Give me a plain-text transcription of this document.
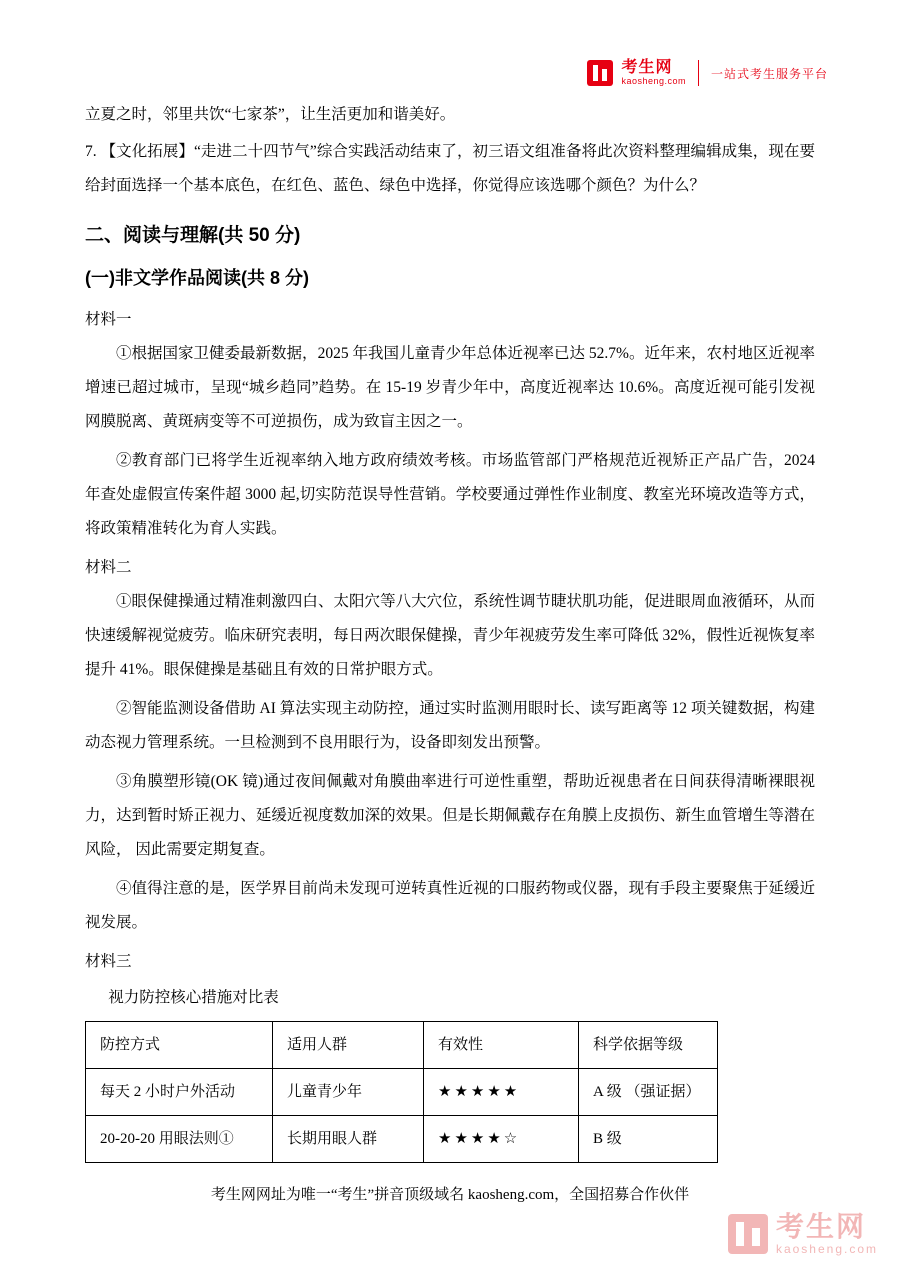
考生网
kaosheng.com
一站式考生服务平台

立夏之时，邻里共饮“七家茶”，让生活更加和谐美好。

7. 【文化拓展】“走进二十四节气”综合实践活动结束了，初三语文组准备将此次资料整理编辑成集，现在要给封面选择一个基本底色，在红色、蓝色、绿色中选择，你觉得应该选哪个颜色？为什么？

二、阅读与理解(共 50 分)
(一)非文学作品阅读(共 8 分)

材料一

①根据国家卫健委最新数据，2025 年我国儿童青少年总体近视率已达 52.7%。近年来，农村地区近视率增速已超过城市，呈现“城乡趋同”趋势。在 15-19 岁青少年中，高度近视率达 10.6%。高度近视可能引发视网膜脱离、黄斑病变等不可逆损伤，成为致盲主因之一。

②教育部门已将学生近视率纳入地方政府绩效考核。市场监管部门严格规范近视矫正产品广告，2024 年查处虚假宣传案件超 3000 起,切实防范误导性营销。学校要通过弹性作业制度、教室光环境改造等方式，将政策精准转化为育人实践。

材料二

①眼保健操通过精准刺激四白、太阳穴等八大穴位，系统性调节睫状肌功能，促进眼周血液循环，从而快速缓解视觉疲劳。临床研究表明，每日两次眼保健操，青少年视疲劳发生率可降低 32%，假性近视恢复率提升 41%。眼保健操是基础且有效的日常护眼方式。

②智能监测设备借助 AI 算法实现主动防控，通过实时监测用眼时长、读写距离等 12 项关键数据，构建动态视力管理系统。一旦检测到不良用眼行为，设备即刻发出预警。

③角膜塑形镜(OK 镜)通过夜间佩戴对角膜曲率进行可逆性重塑，帮助近视患者在日间获得清晰裸眼视力，达到暂时矫正视力、延缓近视度数加深的效果。但是长期佩戴存在角膜上皮损伤、新生血管增生等潜在风险， 因此需要定期复查。

④值得注意的是，医学界目前尚未发现可逆转真性近视的口服药物或仪器，现有手段主要聚焦于延缓近视发展。

材料三

视力防控核心措施对比表

防控方式	适用人群	有效性	科学依据等级
每天 2 小时户外活动	儿童青少年	★★★★★	A 级 （强证据）
20-20-20 用眼法则①	长期用眼人群	★★★★☆	B 级

考生网网址为唯一“考生”拼音顶级域名 kaosheng.com，全国招募合作伙伴

考生网
kaosheng.com
